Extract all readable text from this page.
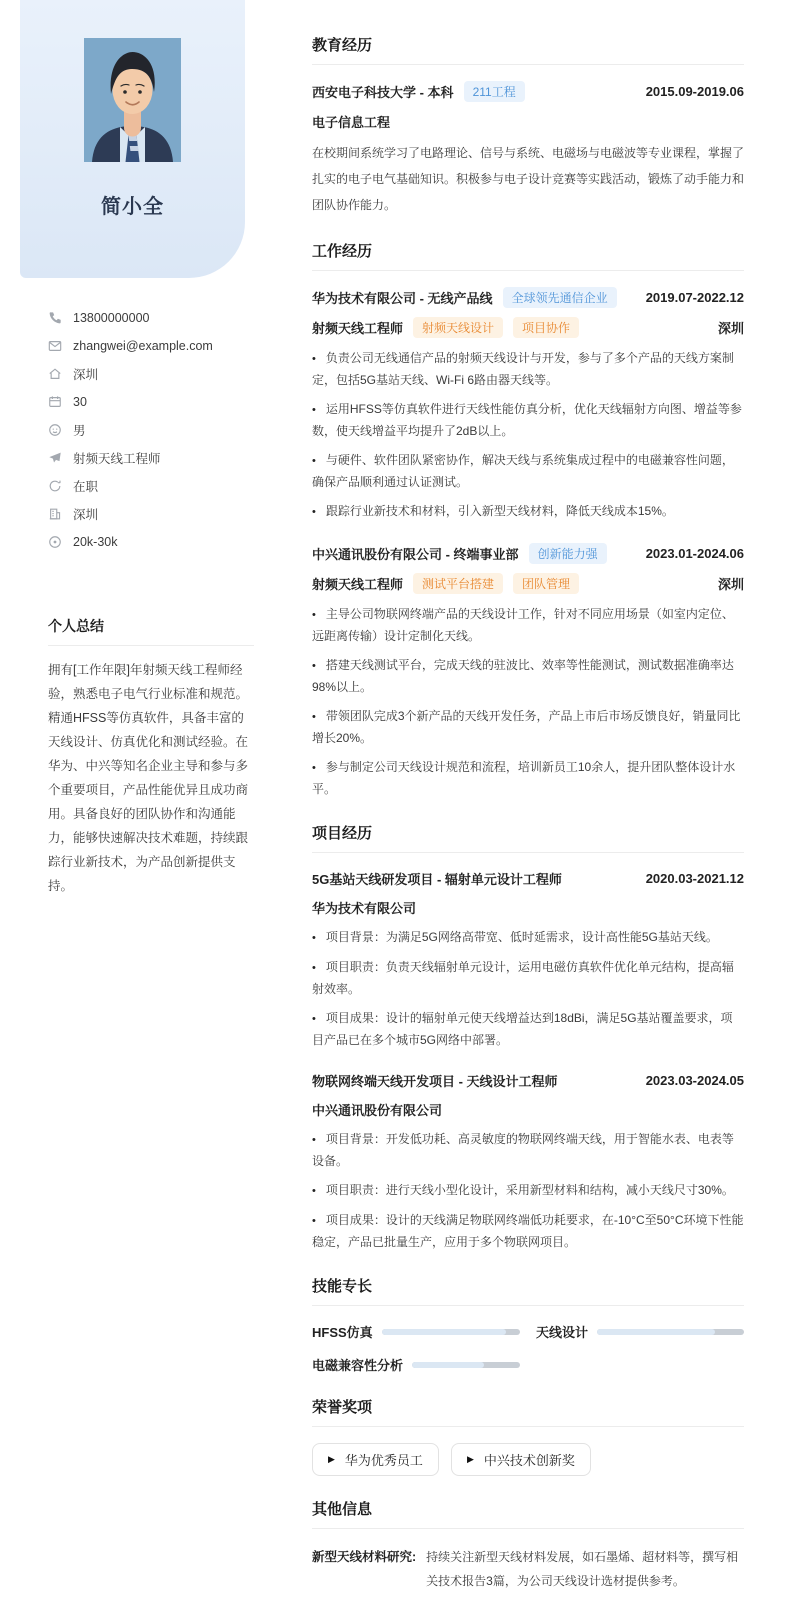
简小全
13800000000
zhangwei@example.com
深圳
30
男
射频天线工程师
在职
深圳
20k-30k
个人总结

拥有[工作年限]年射频天线工程师经验，熟悉电子电气行业标准和规范。精通HFSS等仿真软件，具备丰富的天线设计、仿真优化和测试经验。在华为、中兴等知名企业主导和参与多个重要项目，产品性能优异且成功商用。具备良好的团队协作和沟通能力，能够快速解决技术难题，持续跟踪行业新技术，为产品创新提供支持。

教育经历
西安电子科技大学 - 本科	211工程	2015.09-2019.06
电子信息工程

在校期间系统学习了电路理论、信号与系统、电磁场与电磁波等专业课程，掌握了扎实的电子电气基础知识。积极参与电子设计竞赛等实践活动，锻炼了动手能力和团队协作能力。

工作经历
华为技术有限公司 - 无线产品线	全球领先通信企业	2019.07-2022.12
射频天线工程师	射频天线设计	项目协作	深圳

• 负责公司无线通信产品的射频天线设计与开发，参与了多个产品的天线方案制定，包括5G基站天线、Wi-Fi 6路由器天线等。

• 运用HFSS等仿真软件进行天线性能仿真分析，优化天线辐射方向图、增益等参数，使天线增益平均提升了2dB以上。

• 与硬件、软件团队紧密协作，解决天线与系统集成过程中的电磁兼容性问题，确保产品顺利通过认证测试。

• 跟踪行业新技术和材料，引入新型天线材料，降低天线成本15%。

中兴通讯股份有限公司 - 终端事业部	创新能力强	2023.01-2024.06
射频天线工程师	测试平台搭建	团队管理	深圳

• 主导公司物联网终端产品的天线设计工作，针对不同应用场景（如室内定位、远距离传输）设计定制化天线。

• 搭建天线测试平台，完成天线的驻波比、效率等性能测试，测试数据准确率达98%以上。

• 带领团队完成3个新产品的天线开发任务，产品上市后市场反馈良好，销量同比增长20%。

• 参与制定公司天线设计规范和流程，培训新员工10余人，提升团队整体设计水平。

项目经历
5G基站天线研发项目 - 辐射单元设计工程师	2020.03-2021.12
华为技术有限公司

• 项目背景：为满足5G网络高带宽、低时延需求，设计高性能5G基站天线。

• 项目职责：负责天线辐射单元设计，运用电磁仿真软件优化单元结构，提高辐射效率。

• 项目成果：设计的辐射单元使天线增益达到18dBi，满足5G基站覆盖要求，项目产品已在多个城市5G网络中部署。

物联网终端天线开发项目 - 天线设计工程师	2023.03-2024.05
中兴通讯股份有限公司

• 项目背景：开发低功耗、高灵敏度的物联网终端天线，用于智能水表、电表等设备。

• 项目职责：进行天线小型化设计，采用新型材料和结构，减小天线尺寸30%。

• 项目成果：设计的天线满足物联网终端低功耗要求，在-10°C至50°C环境下性能稳定，产品已批量生产，应用于多个物联网项目。

技能专长
HFSS仿真	天线设计
电磁兼容性分析
荣誉奖项
▶ 华为优秀员工	▶ 中兴技术创新奖
其他信息
新型天线材料研究: 持续关注新型天线材料发展，如石墨烯、超材料等，撰写相关技术报告3篇，为公司天线设计选材提供参考。
